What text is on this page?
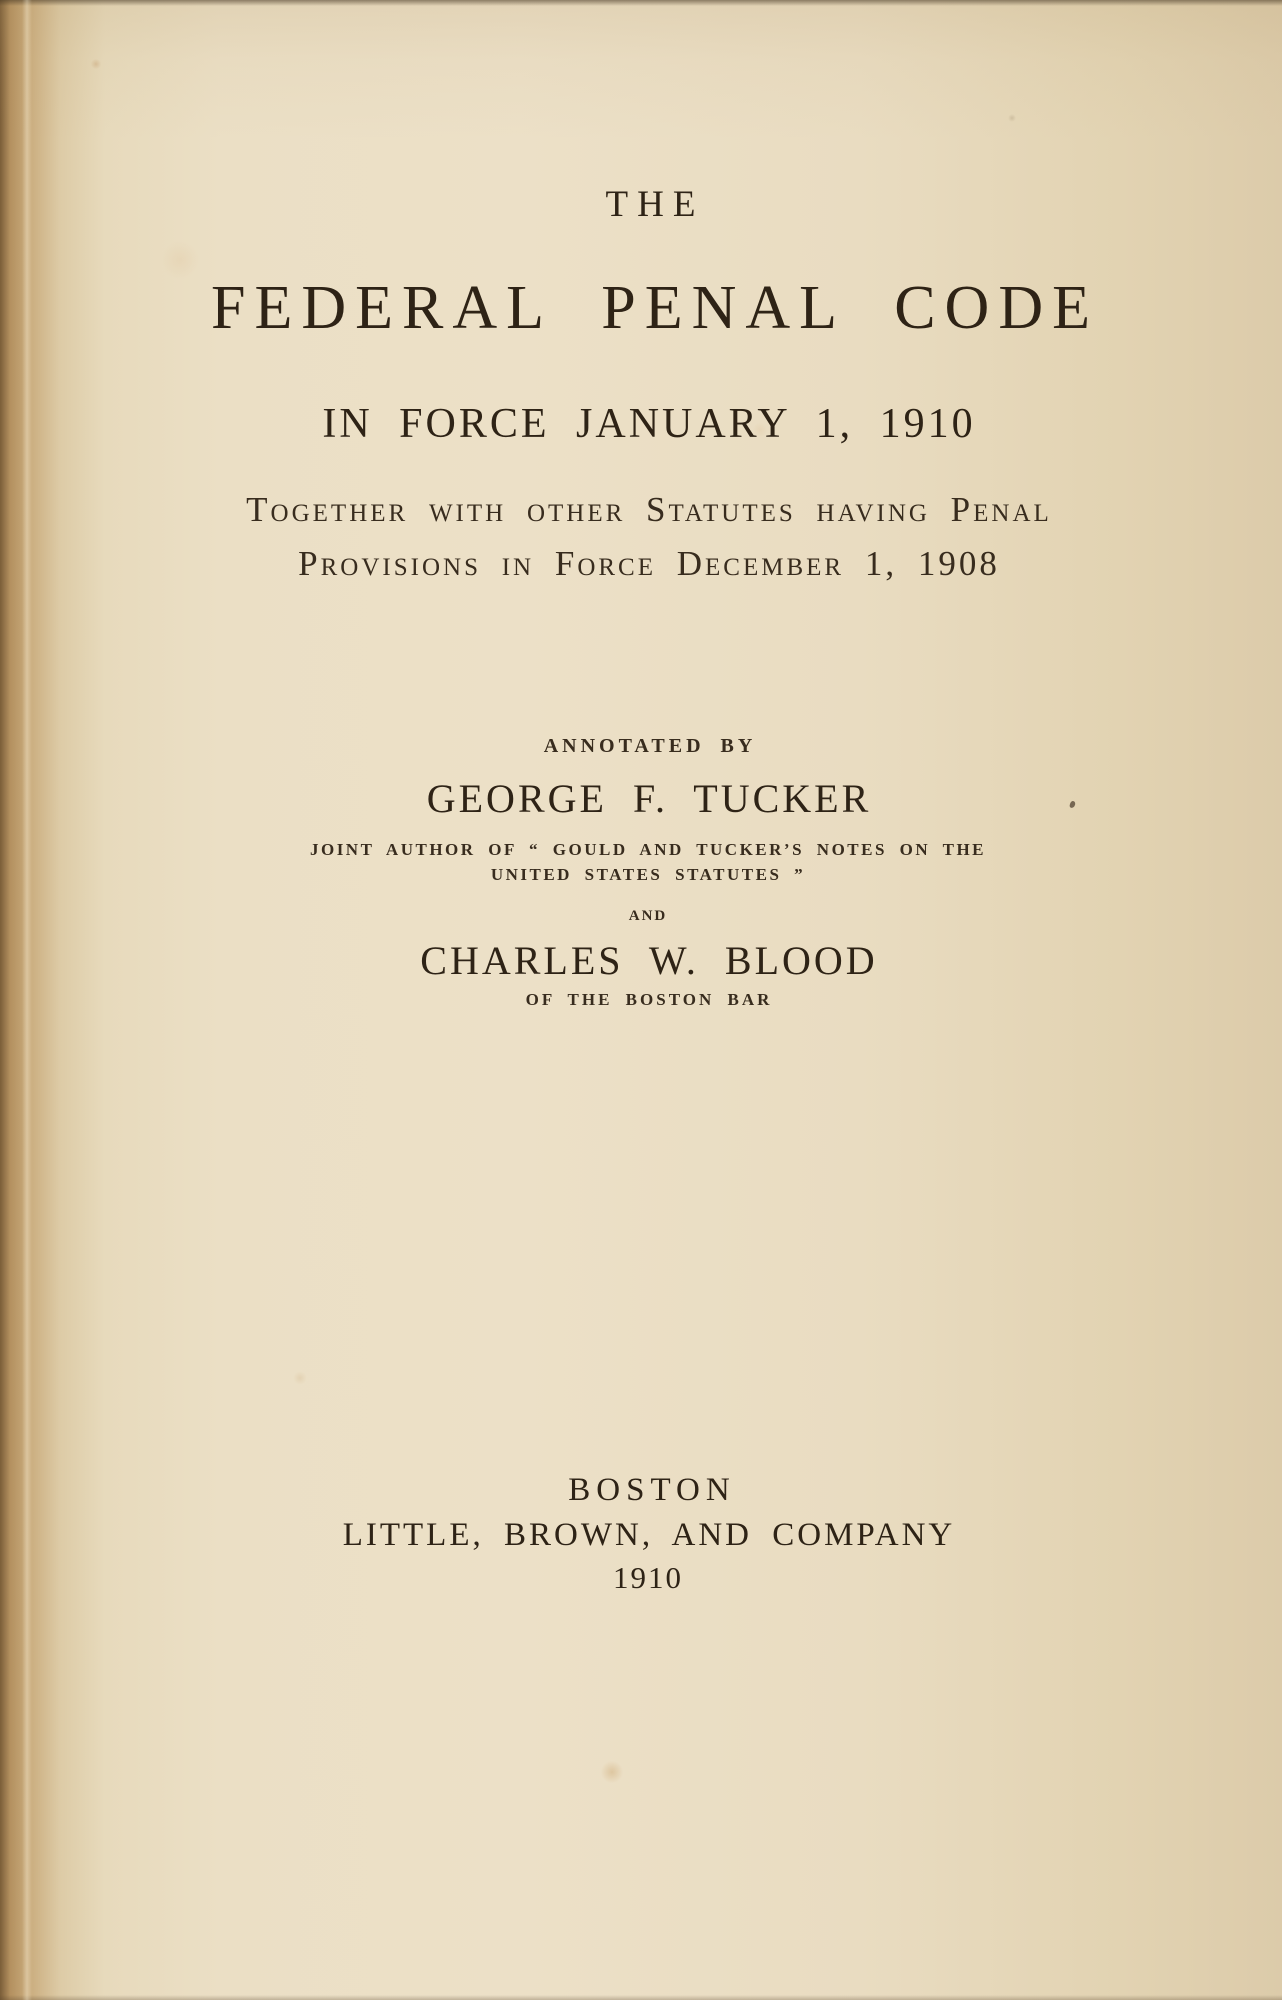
THE
FEDERAL PENAL CODE
IN FORCE JANUARY 1, 1910
Together with other Statutes having Penal
Provisions in Force December 1, 1908
ANNOTATED BY
GEORGE F. TUCKER
JOINT AUTHOR OF “ GOULD AND TUCKER’S NOTES ON THE
UNITED STATES STATUTES ”
AND
CHARLES W. BLOOD
OF THE BOSTON BAR
BOSTON
LITTLE, BROWN, AND COMPANY
1910
